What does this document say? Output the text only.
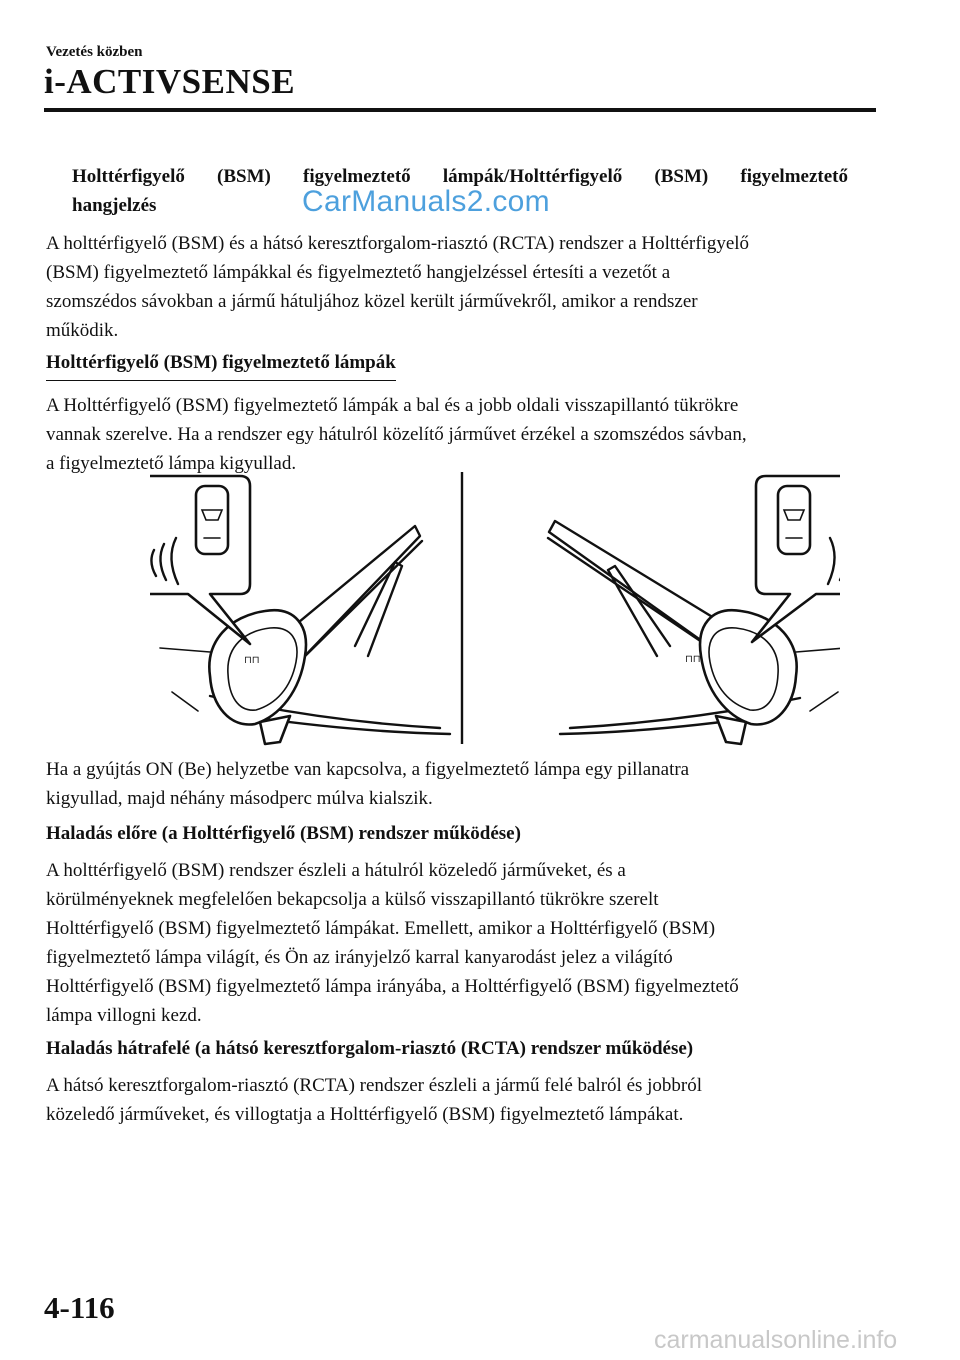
Vezetés közben
i-ACTIVSENSE
Holttérfigyelő (BSM) figyelmeztető lámpák/Holttérfigyelő (BSM) figyelmeztető
hangjelzés	CarManuals2.com

A holttérfigyelő (BSM) és a hátsó keresztforgalom-riasztó (RCTA) rendszer a Holttérfigyelő

(BSM) figyelmeztető lámpákkal és figyelmeztető hangjelzéssel értesíti a vezetőt a

szomszédos sávokban a jármű hátuljához közel került járművekről, amikor a rendszer

működik.

Holttérfigyelő (BSM) figyelmeztető lámpák

A Holttérfigyelő (BSM) figyelmeztető lámpák a bal és a jobb oldali visszapillantó tükrökre

vannak szerelve. Ha a rendszer egy hátulról közelítő járművet érzékel a szomszédos sávban,

a figyelmeztető lámpa kigyullad.

⊓⊓	⊓⊓

Ha a gyújtás ON (Be) helyzetbe van kapcsolva, a figyelmeztető lámpa egy pillanatra

kigyullad, majd néhány másodperc múlva kialszik.

Haladás előre (a Holttérfigyelő (BSM) rendszer működése)

A holttérfigyelő (BSM) rendszer észleli a hátulról közeledő járműveket, és a

körülményeknek megfelelően bekapcsolja a külső visszapillantó tükrökre szerelt

Holttérfigyelő (BSM) figyelmeztető lámpákat. Emellett, amikor a Holttérfigyelő (BSM)

figyelmeztető lámpa világít, és Ön az irányjelző karral kanyarodást jelez a világító

Holttérfigyelő (BSM) figyelmeztető lámpa irányába, a Holttérfigyelő (BSM) figyelmeztető

lámpa villogni kezd.

Haladás hátrafelé (a hátsó keresztforgalom-riasztó (RCTA) rendszer működése)

A hátsó keresztforgalom-riasztó (RCTA) rendszer észleli a jármű felé balról és jobbról

közeledő járműveket, és villogtatja a Holttérfigyelő (BSM) figyelmeztető lámpákat.

4-116
carmanualsonline.info
